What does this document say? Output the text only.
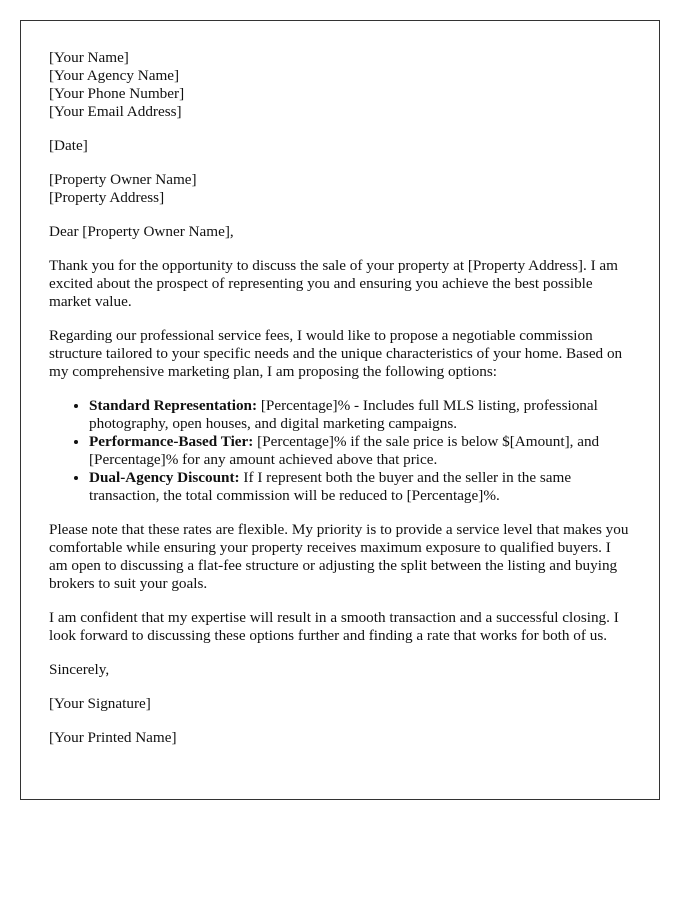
[Your Name]
[Your Agency Name]
[Your Phone Number]
[Your Email Address]

[Date]

[Property Owner Name]
[Property Address]

Dear [Property Owner Name],

Thank you for the opportunity to discuss the sale of your property at [Property Address]. I am excited about the prospect of representing you and ensuring you achieve the best possible market value.

Regarding our professional service fees, I would like to propose a negotiable commission structure tailored to your specific needs and the unique characteristics of your home. Based on my comprehensive marketing plan, I am proposing the following options:

• Standard Representation: [Percentage]% - Includes full MLS listing, professional photography, open houses, and digital marketing campaigns.
• Performance-Based Tier: [Percentage]% if the sale price is below $[Amount], and [Percentage]% for any amount achieved above that price.
• Dual-Agency Discount: If I represent both the buyer and the seller in the same transaction, the total commission will be reduced to [Percentage]%.

Please note that these rates are flexible. My priority is to provide a service level that makes you comfortable while ensuring your property receives maximum exposure to qualified buyers. I am open to discussing a flat-fee structure or adjusting the split between the listing and buying brokers to suit your goals.

I am confident that my expertise will result in a smooth transaction and a successful closing. I look forward to discussing these options further and finding a rate that works for both of us.

Sincerely,

[Your Signature]

[Your Printed Name]
